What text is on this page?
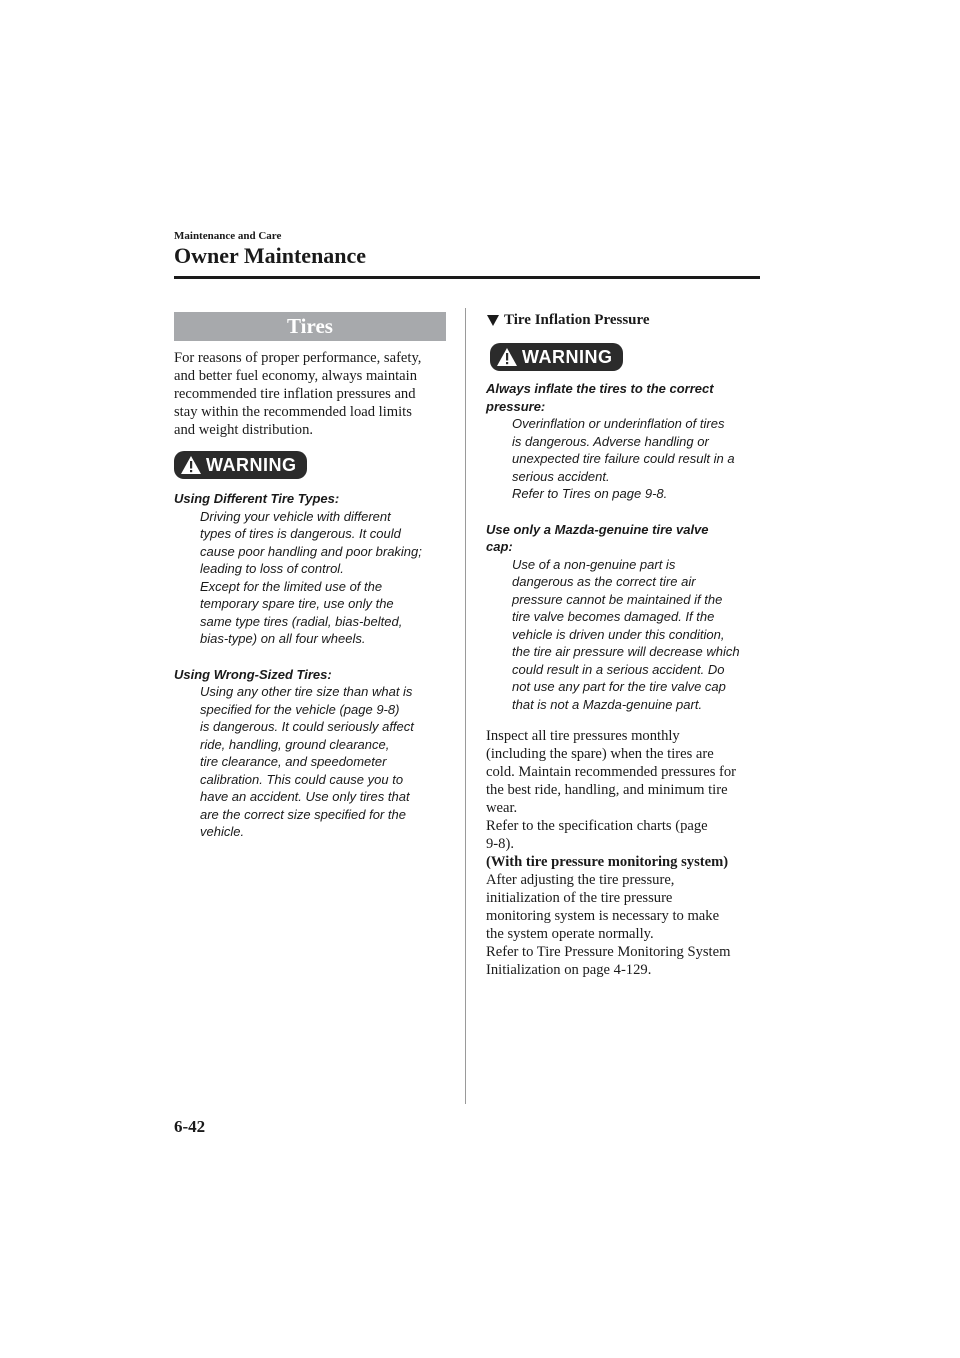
Maintenance and Care
Owner Maintenance
Tires

For reasons of proper performance, safety,
and better fuel economy, always maintain
recommended tire inflation pressures and
stay within the recommended load limits
and weight distribution.

WARNING

Using Different Tire Types:

Driving your vehicle with different
types of tires is dangerous. It could
cause poor handling and poor braking;
leading to loss of control.
Except for the limited use of the
temporary spare tire, use only the
same type tires (radial, bias-belted,
bias-type) on all four wheels.

Using Wrong-Sized Tires:

Using any other tire size than what is
specified for the vehicle (page 9-8)
is dangerous. It could seriously affect
ride, handling, ground clearance,
tire clearance, and speedometer
calibration. This could cause you to
have an accident. Use only tires that
are the correct size specified for the
vehicle.

Tire Inflation Pressure
WARNING

Always inflate the tires to the correct
pressure:

Overinflation or underinflation of tires
is dangerous. Adverse handling or
unexpected tire failure could result in a
serious accident.
Refer to Tires on page 9-8.

Use only a Mazda-genuine tire valve
cap:

Use of a non-genuine part is
dangerous as the correct tire air
pressure cannot be maintained if the
tire valve becomes damaged. If the
vehicle is driven under this condition,
the tire air pressure will decrease which
could result in a serious accident. Do
not use any part for the tire valve cap
that is not a Mazda-genuine part.

Inspect all tire pressures monthly
(including the spare) when the tires are
cold. Maintain recommended pressures for
the best ride, handling, and minimum tire
wear.
Refer to the specification charts (page
9-8).
(With tire pressure monitoring system)
After adjusting the tire pressure,
initialization of the tire pressure
monitoring system is necessary to make
the system operate normally.
Refer to Tire Pressure Monitoring System
Initialization on page 4-129.

6-42
